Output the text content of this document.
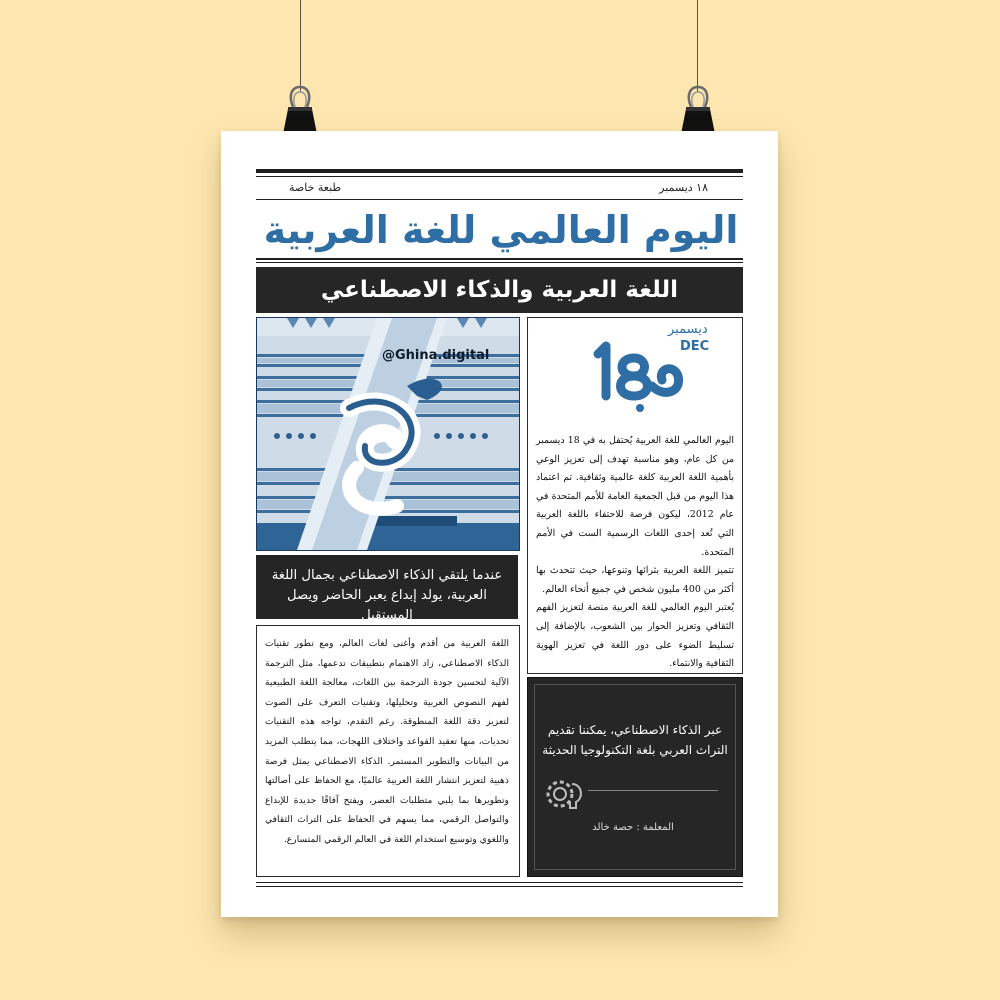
١٨ ديسمبر
طبعة خاصة
اليوم العالمي للغة العربية
اللغة العربية والذكاء الاصطناعي
@Ghina.digital
ديسمبر
DEC
اليوم العالمي للغة العربية يُحتفل به في 18 ديسمبر من كل عام، وهو مناسبة تهدف إلى تعزيز الوعي بأهمية اللغة العربية كلغة عالمية وثقافية. تم اعتماد هذا اليوم من قبل الجمعية العامة للأمم المتحدة في عام 2012، ليكون فرصة للاحتفاء باللغة العربية التي تُعد إحدى اللغات الرسمية الست في الأمم المتحدة.
تتميز اللغة العربية بثرائها وتنوعها، حيث تتحدث بها أكثر من 400 مليون شخص في جميع أنحاء العالم.
يُعتبر اليوم العالمي للغة العربية منصة لتعزيز الفهم الثقافي وتعزيز الحوار بين الشعوب، بالإضافة إلى تسليط الضوء على دور اللغة في تعزيز الهوية الثقافية والانتماء.
عندما يلتقي الذكاء الاصطناعي بجمال اللغة العربية، يولد إبداع يعبر الحاضر ويصل المستقبل
اللغة العربية من أقدم وأغنى لغات العالم، ومع تطور تقنيات الذكاء الاصطناعي، زاد الاهتمام بتطبيقات تدعمها، مثل الترجمة الآلية لتحسين جودة الترجمة بين اللغات، معالجة اللغة الطبيعية لفهم النصوص العربية وتحليلها، وتقنيات التعرف على الصوت لتعزيز دقة اللغة المنطوقة. رغم التقدم، تواجه هذه التقنيات تحديات، منها تعقيد القواعد واختلاف اللهجات، مما يتطلب المزيد من البيانات والتطوير المستمر. الذكاء الاصطناعي يمثل فرصة ذهبية لتعزيز انتشار اللغة العربية عالميًا، مع الحفاظ على أصالتها وتطويرها بما يلبي متطلبات العصر، ويفتح آفاقًا جديدة للإبداع والتواصل الرقمي، مما يسهم في الحفاظ على التراث الثقافي واللغوي وتوسيع استخدام اللغة في العالم الرقمي المتسارع.
عبر الذكاء الاصطناعي، يمكننا تقديم التراث العربي بلغة التكنولوجيا الحديثة
المعلمة : حصة خالد
